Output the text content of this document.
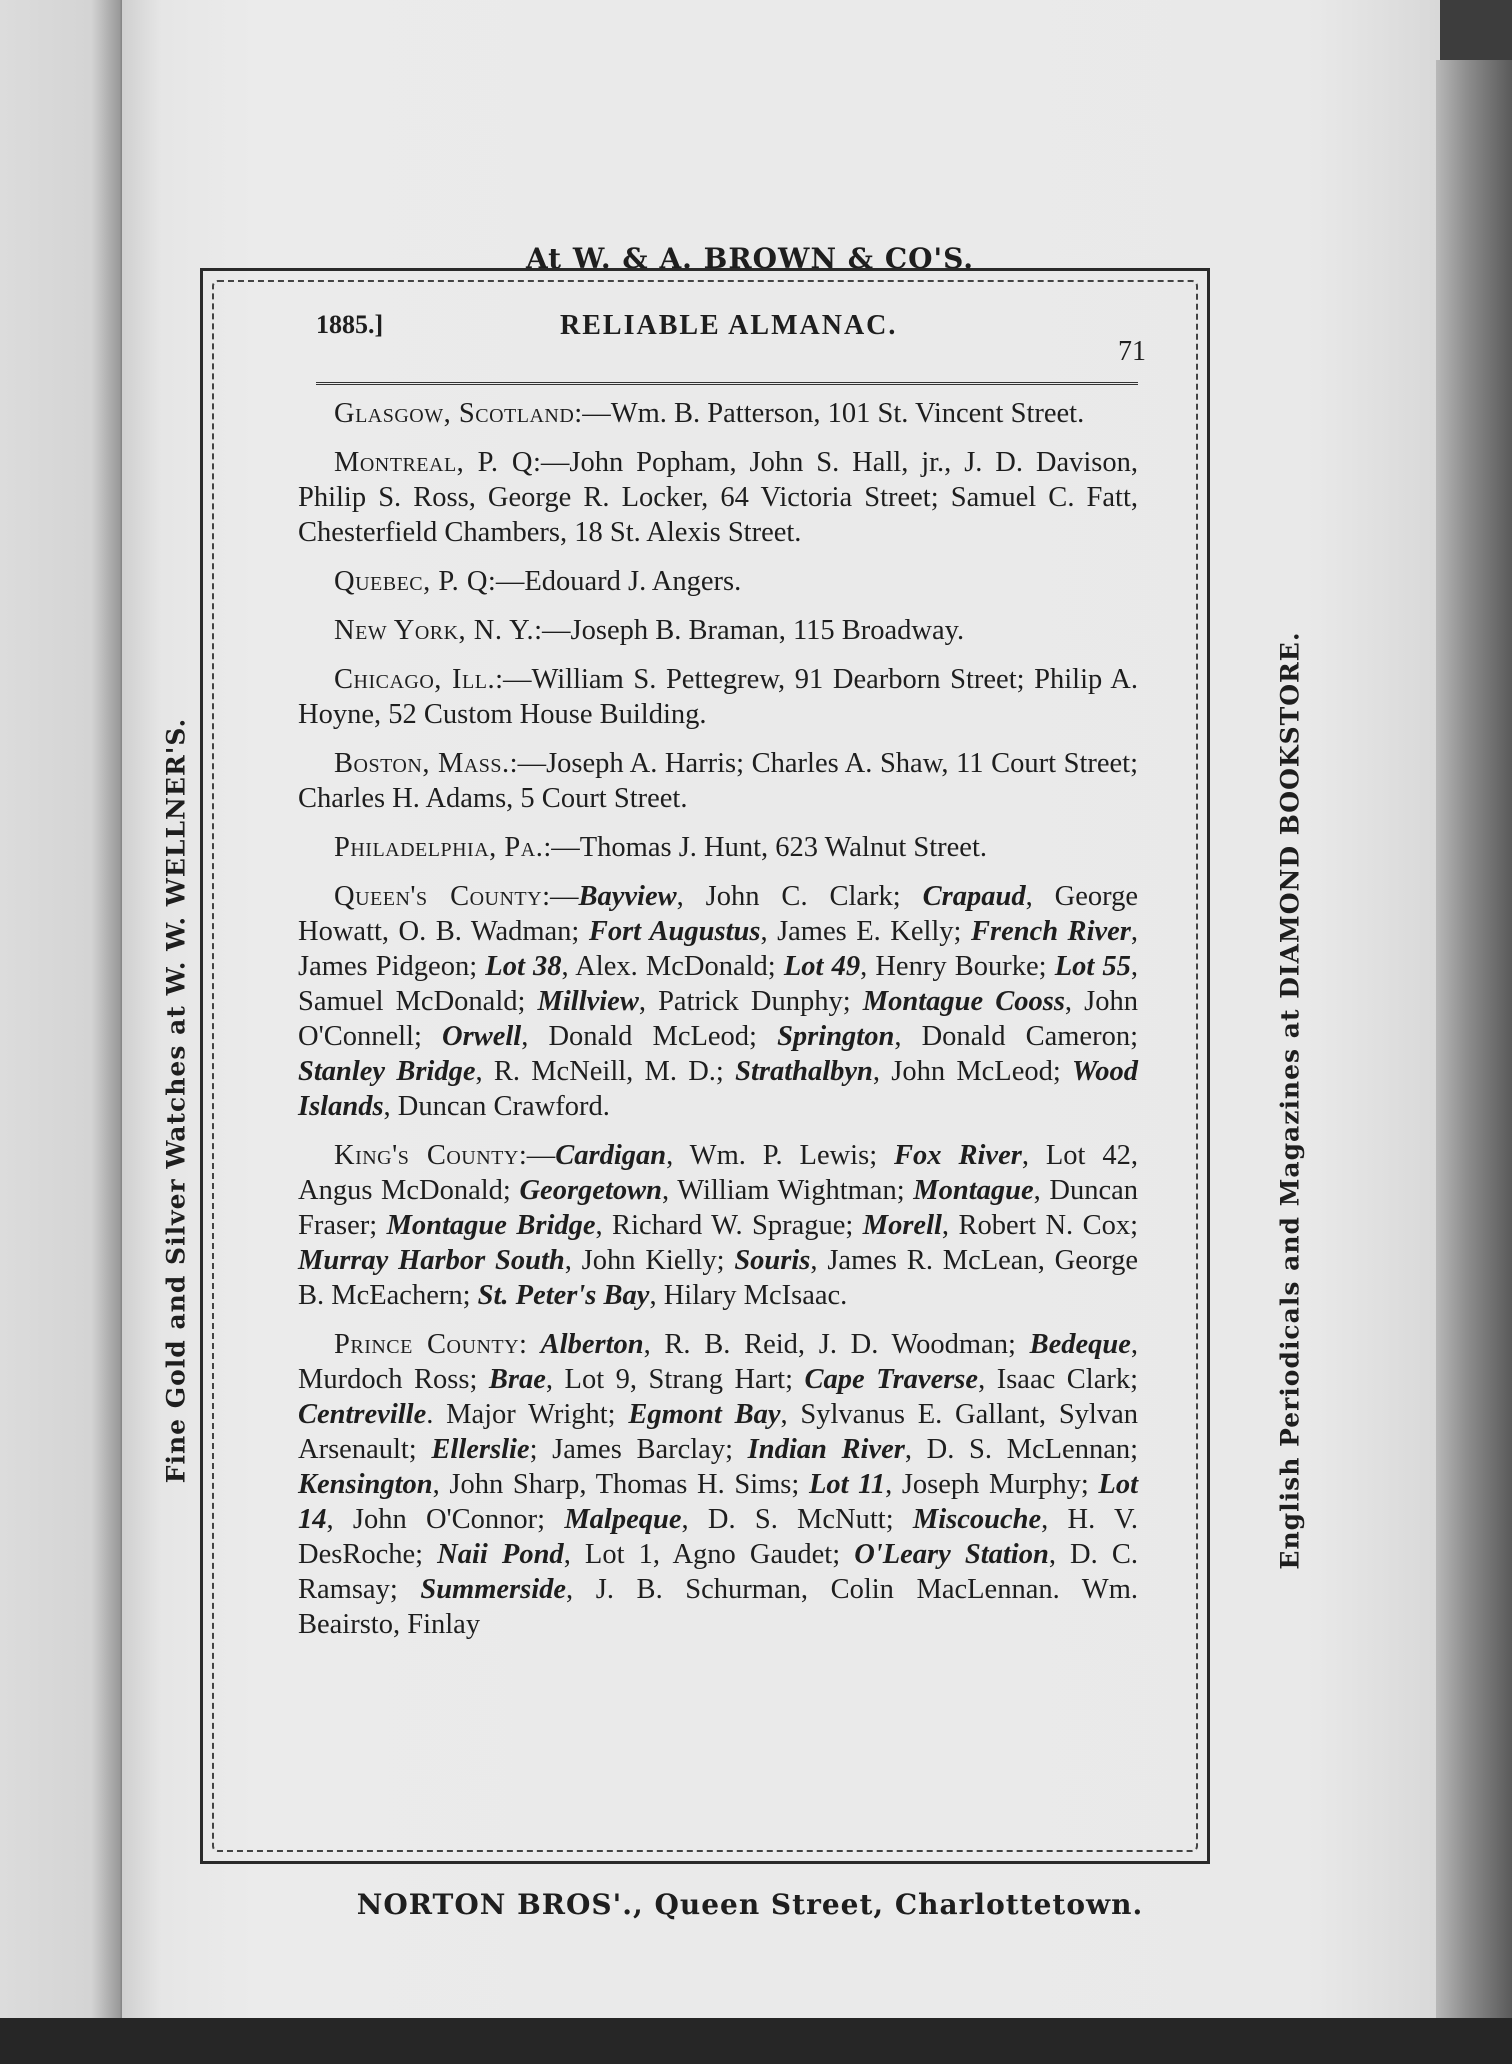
At W. & A. BROWN & CO'S.
Fine Gold and Silver Watches at W. W. WELLNER'S.	English Periodicals and Magazines at DIAMOND BOOKSTORE.
NORTON BROS'., Queen Street, Charlottetown.
1885.]	RELIABLE ALMANAC.
71

Glasgow, Scotland:—Wm. B. Patterson, 101 St. Vincent Street.

Montreal, P. Q:—John Popham, John S. Hall, jr., J. D. Davison, Philip S. Ross, George R. Locker, 64 Victoria Street; Samuel C. Fatt, Chesterfield Chambers, 18 St. Alexis Street.

Quebec, P. Q:—Edouard J. Angers.

New York, N. Y.:—Joseph B. Braman, 115 Broadway.

Chicago, Ill.:—William S. Pettegrew, 91 Dearborn Street; Philip A. Hoyne, 52 Custom House Building.

Boston, Mass.:—Joseph A. Harris; Charles A. Shaw, 11 Court Street; Charles H. Adams, 5 Court Street.

Philadelphia, Pa.:—Thomas J. Hunt, 623 Walnut Street.

Queen's County:—Bayview, John C. Clark; Crapaud, George Howatt, O. B. Wadman; Fort Augustus, James E. Kelly; French River, James Pidgeon; Lot 38, Alex. McDonald; Lot 49, Henry Bourke; Lot 55, Samuel McDonald; Millview, Patrick Dunphy; Montague Cooss, John O'Connell; Orwell, Donald McLeod; Springton, Donald Cameron; Stanley Bridge, R. McNeill, M. D.; Strathalbyn, John McLeod; Wood Islands, Duncan Crawford.

King's County:—Cardigan, Wm. P. Lewis; Fox River, Lot 42, Angus McDonald; Georgetown, William Wightman; Montague, Duncan Fraser; Montague Bridge, Richard W. Sprague; Morell, Robert N. Cox; Murray Harbor South, John Kielly; Souris, James R. McLean, George B. McEachern; St. Peter's Bay, Hilary McIsaac.

Prince County: Alberton, R. B. Reid, J. D. Woodman; Bedeque, Murdoch Ross; Brae, Lot 9, Strang Hart; Cape Traverse, Isaac Clark; Centreville. Major Wright; Egmont Bay, Sylvanus E. Gallant, Sylvan Arsenault; Ellerslie; James Barclay; Indian River, D. S. McLennan; Kensington, John Sharp, Thomas H. Sims; Lot 11, Joseph Murphy; Lot 14, John O'Connor; Malpeque, D. S. McNutt; Miscouche, H. V. DesRoche; Naii Pond, Lot 1, Agno Gaudet; O'Leary Station, D. C. Ramsay; Summerside, J. B. Schurman, Colin MacLennan. Wm. Beairsto, Finlay
